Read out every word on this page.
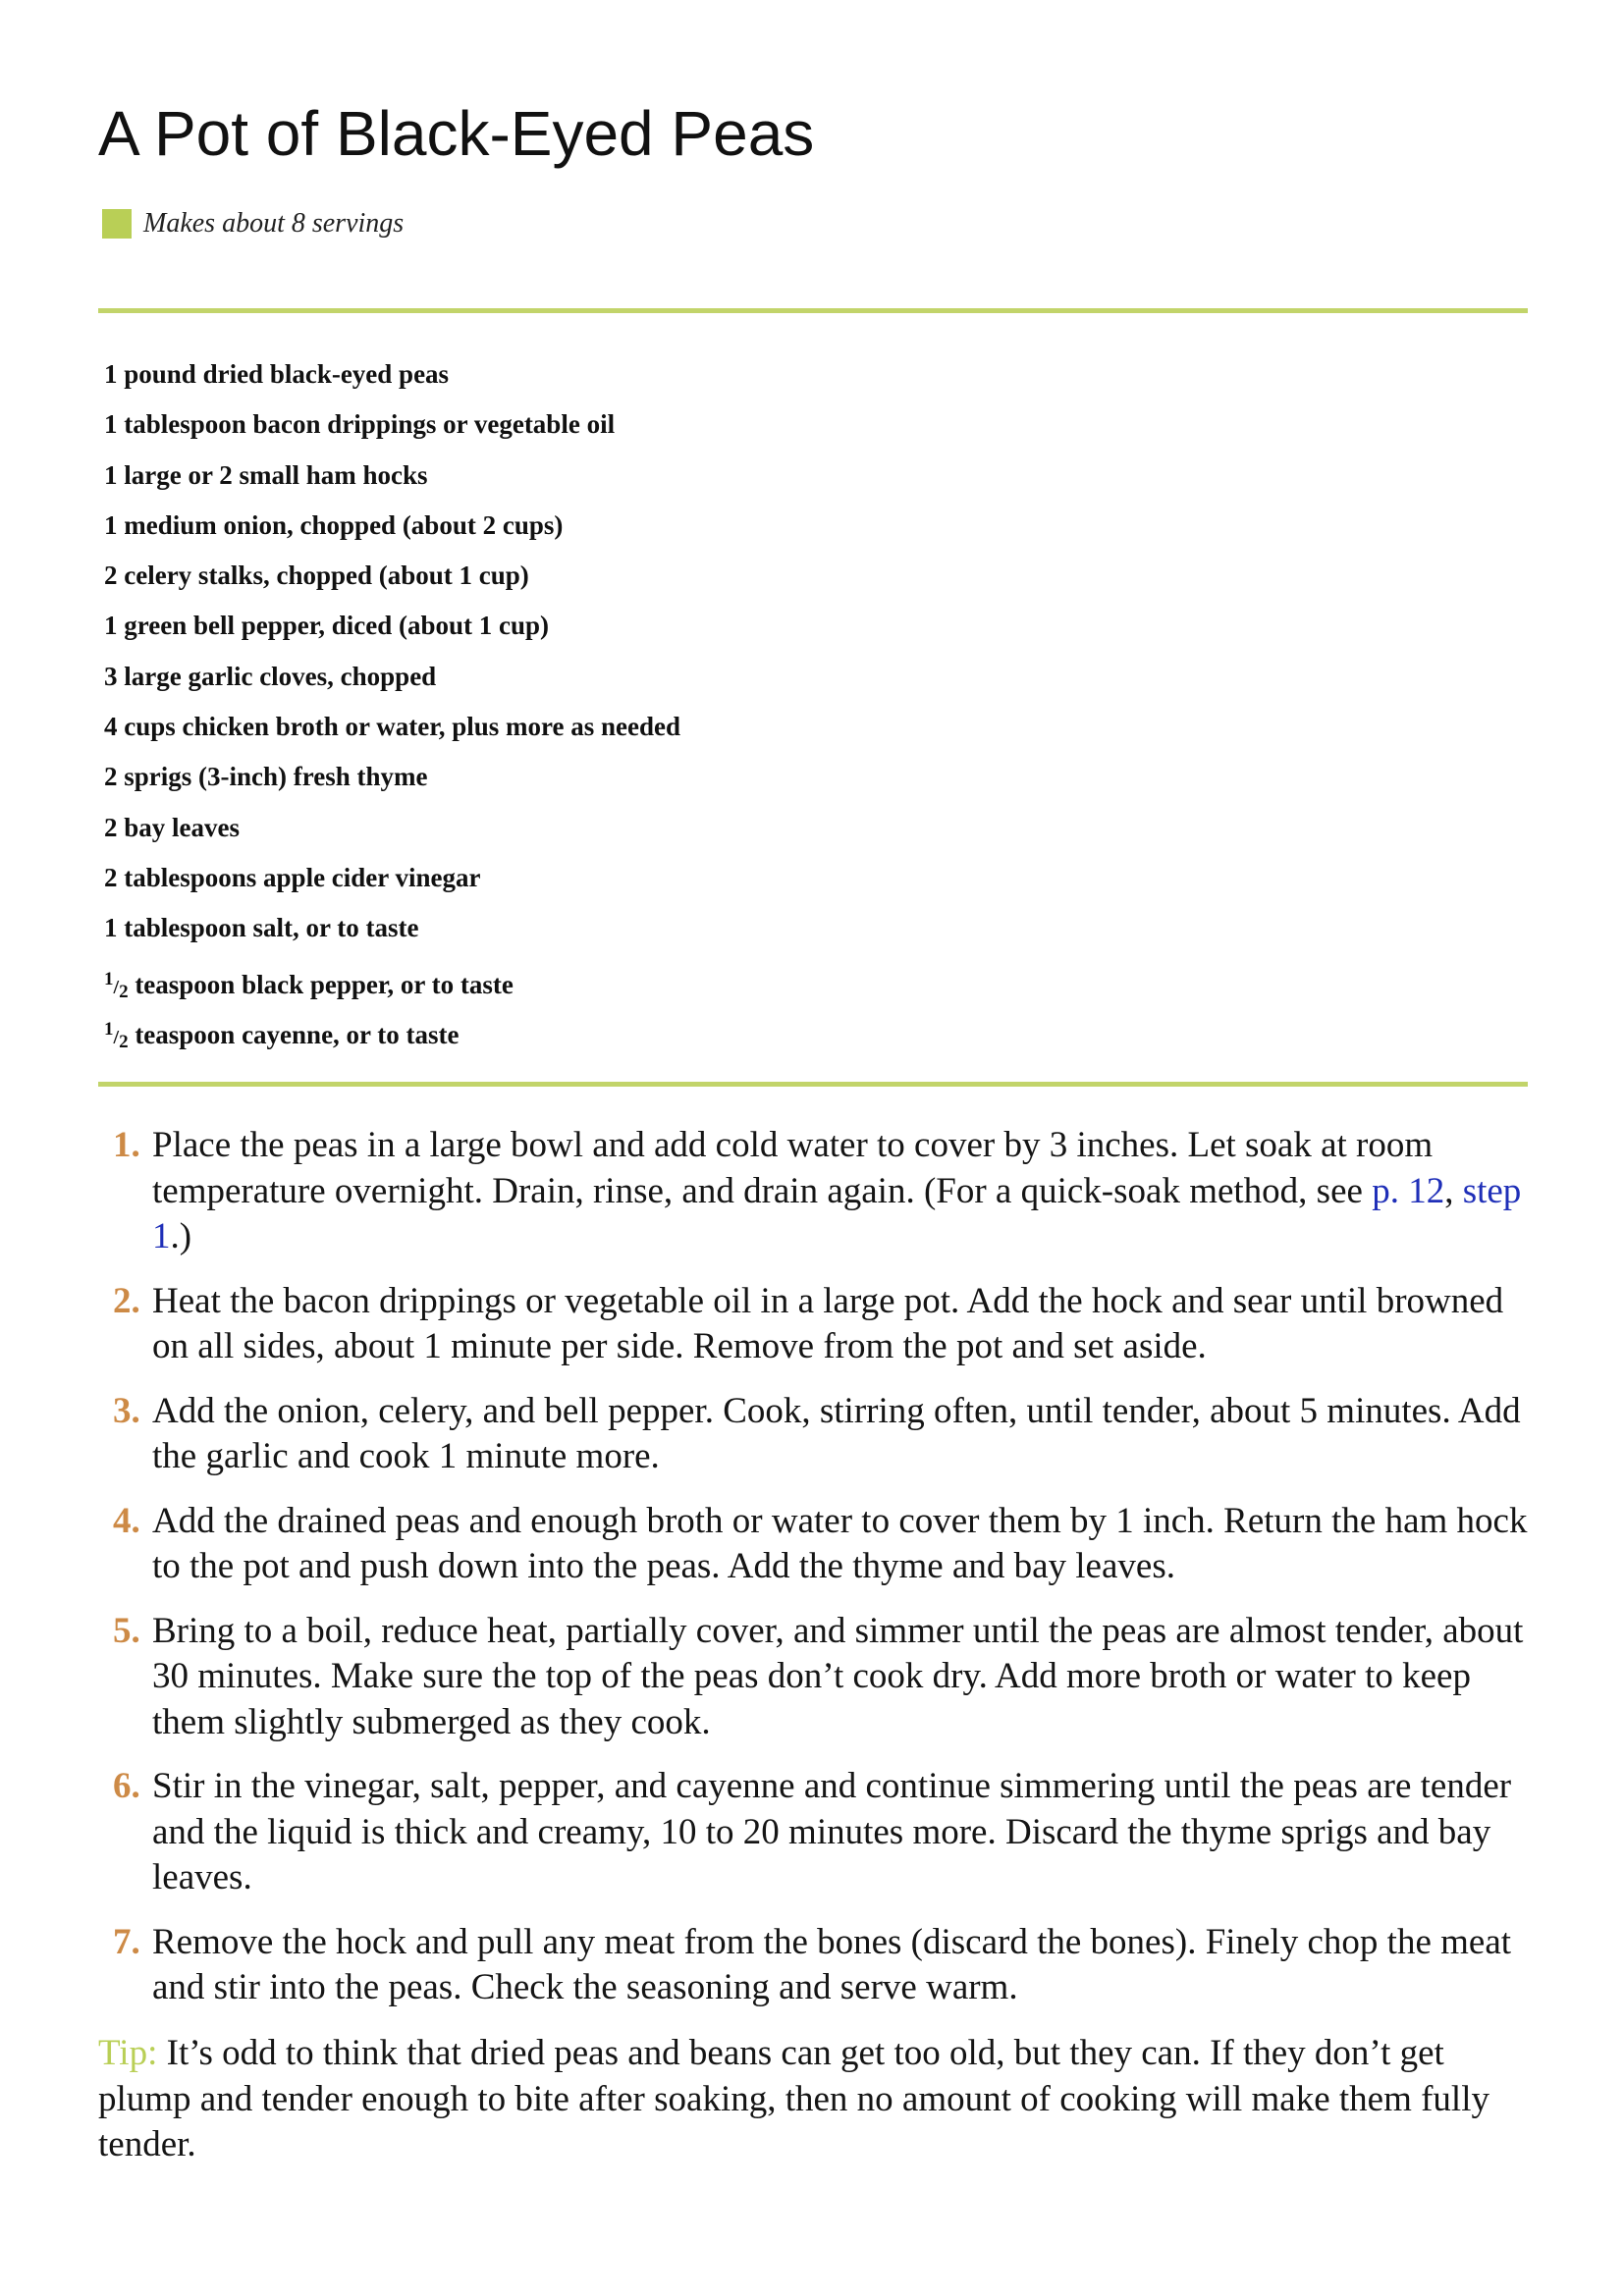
A Pot of Black-Eyed Peas
Makes about 8 servings
1 pound dried black-eyed peas
1 tablespoon bacon drippings or vegetable oil
1 large or 2 small ham hocks
1 medium onion, chopped (about 2 cups)
2 celery stalks, chopped (about 1 cup)
1 green bell pepper, diced (about 1 cup)
3 large garlic cloves, chopped
4 cups chicken broth or water, plus more as needed
2 sprigs (3-inch) fresh thyme
2 bay leaves
2 tablespoons apple cider vinegar
1 tablespoon salt, or to taste
1/2 teaspoon black pepper, or to taste
1/2 teaspoon cayenne, or to taste
1. Place the peas in a large bowl and add cold water to cover by 3 inches. Let soak at room temperature overnight. Drain, rinse, and drain again. (For a quick-soak method, see p. 12, step 1.)
2. Heat the bacon drippings or vegetable oil in a large pot. Add the hock and sear until browned on all sides, about 1 minute per side. Remove from the pot and set aside.
3. Add the onion, celery, and bell pepper. Cook, stirring often, until tender, about 5 minutes. Add the garlic and cook 1 minute more.
4. Add the drained peas and enough broth or water to cover them by 1 inch. Return the ham hock to the pot and push down into the peas. Add the thyme and bay leaves.
5. Bring to a boil, reduce heat, partially cover, and simmer until the peas are almost tender, about 30 minutes. Make sure the top of the peas don’t cook dry. Add more broth or water to keep them slightly submerged as they cook.
6. Stir in the vinegar, salt, pepper, and cayenne and continue simmering until the peas are tender and the liquid is thick and creamy, 10 to 20 minutes more. Discard the thyme sprigs and bay leaves.
7. Remove the hock and pull any meat from the bones (discard the bones). Finely chop the meat and stir into the peas. Check the seasoning and serve warm.

Tip: It’s odd to think that dried peas and beans can get too old, but they can. If they don’t get plump and tender enough to bite after soaking, then no amount of cooking will make them fully tender.
